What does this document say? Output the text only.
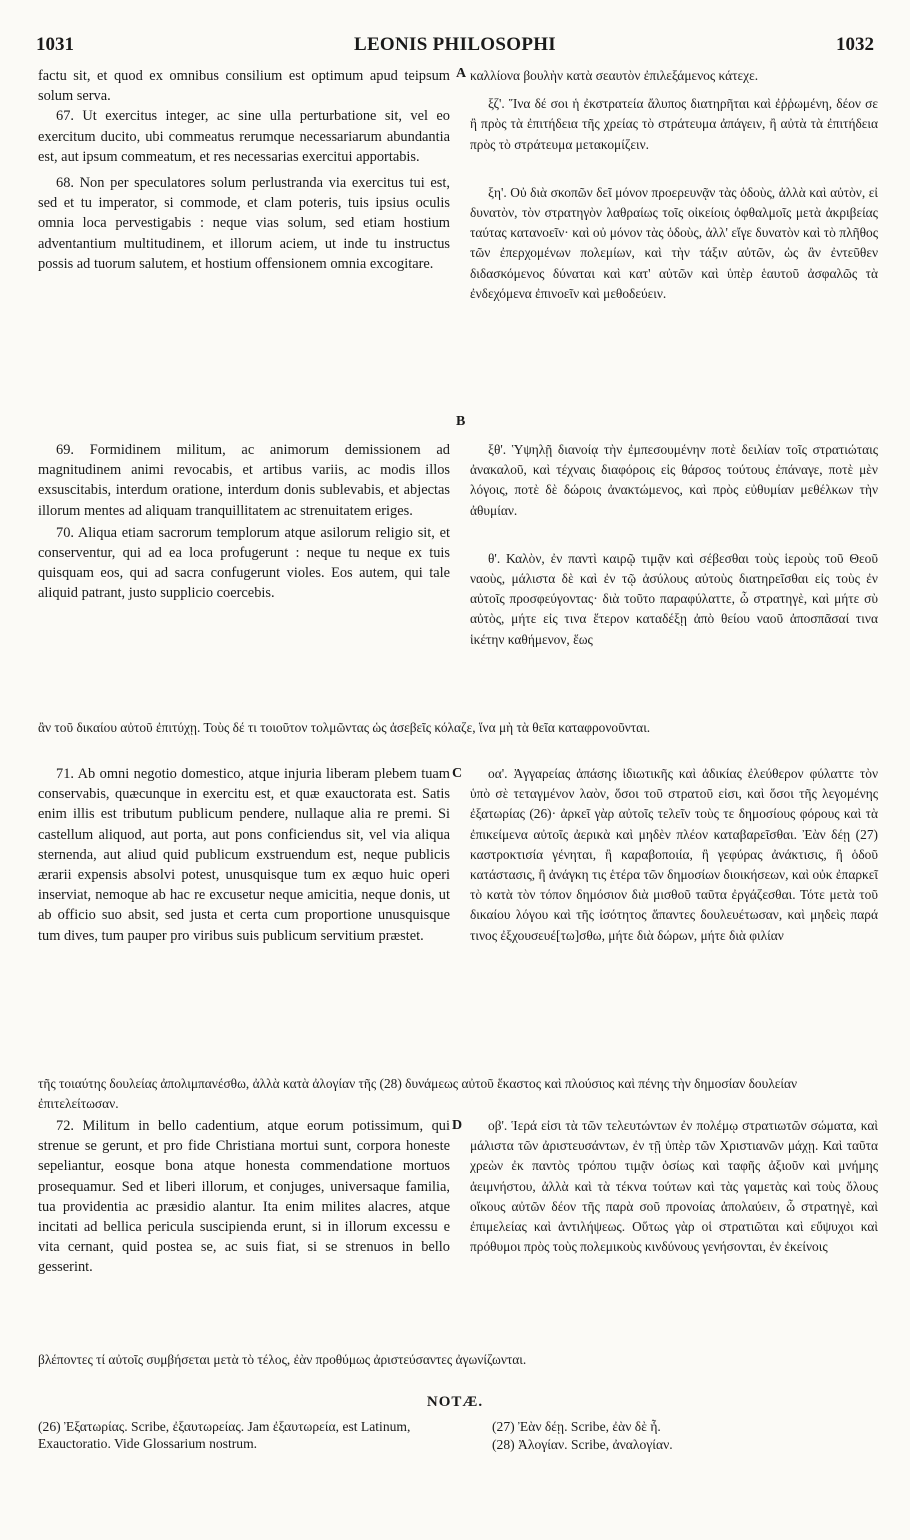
1031	LEONIS PHILOSOPHI	1032

factu sit, et quod ex omnibus consilium est optimum apud teipsum solum serva.

67. Ut exercitus integer, ac sine ulla perturbatione sit, vel eo exercitum ducito, ubi commeatus rerumque necessariarum abundantia est, aut ipsum commeatum, et res necessarias exercitui apportabis.

68. Non per speculatores solum perlustranda via exercitus tui est, sed et tu imperator, si commode, et clam poteris, tuis ipsius oculis omnia loca pervestigabis : neque vias solum, sed etiam hostium adventantium multitudinem, et illorum aciem, ut inde tu instructus possis ad tuorum salutem, et hostium offensionem omnia excogitare.

καλλίονα βουλὴν κατὰ σεαυτὸν ἐπιλεξάμενος κάτεχε.

ξζ'. Ἵνα δέ σοι ἡ ἐκστρατεία ἄλυπος διατηρῆται καὶ ἐῤῥωμένη, δέον σε ἢ πρὸς τὰ ἐπιτήδεια τῆς χρείας τὸ στράτευμα ἀπάγειν, ἢ αὐτὰ τὰ ἐπιτήδεια πρὸς τὸ στράτευμα μετακομίζειν.

ξη'. Οὐ διὰ σκοπῶν δεῖ μόνον προερευνᾷν τὰς ὁδοὺς, ἀλλὰ καὶ αὐτὸν, εἰ δυνατὸν, τὸν στρατηγὸν λαθραίως τοῖς οἰκείοις ὀφθαλμοῖς μετὰ ἀκριβείας ταύτας κατανοεῖν· καὶ οὐ μόνον τὰς ὁδοὺς, ἀλλ' εἴγε δυνατὸν καὶ τὸ πλῆθος τῶν ἐπερχομένων πολεμίων, καὶ τὴν τάξιν αὐτῶν, ὡς ἂν ἐντεῦθεν διδασκόμενος δύναται καὶ κατ' αὐτῶν καὶ ὑπὲρ ἑαυτοῦ ἀσφαλῶς τὰ ἐνδεχόμενα ἐπινοεῖν καὶ μεθοδεύειν.

A
B

69. Formidinem militum, ac animorum demissionem ad magnitudinem animi revocabis, et artibus variis, ac modis illos exsuscitabis, interdum oratione, interdum donis sublevabis, et abjectas illorum mentes ad aliquam tranquillitatem ac strenuitatem eriges.

70. Aliqua etiam sacrorum templorum atque asilorum religio sit, et conserventur, qui ad ea loca profugerunt : neque tu neque ex tuis quisquam eos, qui ad sacra confugerunt violes. Eos autem, qui tale aliquid patrant, justo supplicio coercebis.

ξθ'. Ὑψηλῇ διανοίᾳ τὴν ἐμπεσουμένην ποτὲ δειλίαν τοῖς στρατιώταις ἀνακαλοῦ, καὶ τέχναις διαφόροις εἰς θάρσος τούτους ἐπάναγε, ποτὲ μὲν λόγοις, ποτὲ δὲ δώροις ἀνακτώμενος, καὶ πρὸς εὐθυμίαν μεθέλκων τὴν ἀθυμίαν.

θ'. Καλὸν, ἐν παντὶ καιρῷ τιμᾷν καὶ σέβεσθαι τοὺς ἱεροὺς τοῦ Θεοῦ ναοὺς, μάλιστα δὲ καὶ ἐν τῷ ἀσύλους αὐτοὺς διατηρεῖσθαι εἰς τοὺς ἐν αὐτοῖς προσφεύγοντας· διὰ τοῦτο παραφύλαττε, ὦ στρατηγὲ, καὶ μήτε σὺ αὐτὸς, μήτε εἰς τινα ἕτερον καταδέξῃ ἀπὸ θείου ναοῦ ἀποσπᾶσαί τινα ἱκέτην καθήμενον, ἕως

ἂν τοῦ δικαίου αὐτοῦ ἐπιτύχῃ. Τοὺς δέ τι τοιοῦτον τολμῶντας ὡς ἀσεβεῖς κόλαζε, ἵνα μὴ τὰ θεῖα καταφρονοῦνται.
C

71. Ab omni negotio domestico, atque injuria liberam plebem tuam conservabis, quæcunque in exercitu est, et quæ exauctorata est. Satis enim illis est tributum publicum pendere, nullaque alia re premi. Si castellum aliquod, aut porta, aut pons conficiendus sit, vel via aliqua sternenda, aut aliud quid publicum exstruendum est, neque publicis ærarii expensis absolvi potest, unusquisque tum ex æquo huic operi inserviat, nemoque ab hac re excusetur neque amicitia, neque donis, ut ab officio suo absit, sed justa et certa cum proportione unusquisque tum dives, tum pauper pro viribus suis publicum servitium præstet.

οα'. Ἀγγαρείας ἁπάσης ἰδιωτικῆς καὶ ἀδικίας ἐλεύθερον φύλαττε τὸν ὑπὸ σὲ τεταγμένον λαὸν, ὅσοι τοῦ στρατοῦ εἰσι, καὶ ὅσοι τῆς λεγομένης ἐξατωρίας (26)· ἀρκεῖ γὰρ αὐτοῖς τελεῖν τοὺς τε δημοσίους φόρους καὶ τὰ ἐπικείμενα αὐτοῖς ἀερικὰ καὶ μηδὲν πλέον καταβαρεῖσθαι. Ἐὰν δέῃ (27) καστροκτισία γένηται, ἢ καραβοποιία, ἢ γεφύρας ἀνάκτισις, ἢ ὁδοῦ κατάστασις, ἢ ἀνάγκη τις ἑτέρα τῶν δημοσίων διοικήσεων, καὶ οὐκ ἐπαρκεῖ τὸ κατὰ τὸν τόπον δημόσιον διὰ μισθοῦ ταῦτα ἐργάζεσθαι. Τότε μετὰ τοῦ δικαίου λόγου καὶ τῆς ἰσότητος ἅπαντες δουλευέτωσαν, καὶ μηδεὶς παρά τινος ἐξχουσευέ[τω]σθω, μήτε διὰ δώρων, μήτε διὰ φιλίαν

τῆς τοιαύτης δουλείας ἀπολιμπανέσθω, ἀλλὰ κατὰ ἀλογίαν τῆς (28) δυνάμεως αὐτοῦ ἕκαστος καὶ πλούσιος καὶ πένης τὴν δημοσίαν δουλείαν ἐπιτελείτωσαν.
D

72. Militum in bello cadentium, atque eorum potissimum, qui strenue se gerunt, et pro fide Christiana mortui sunt, corpora honeste sepeliantur, eosque bona atque honesta commendatione mortuos prosequamur. Sed et liberi illorum, et conjuges, universaque familia, tua providentia ac præsidio alantur. Ita enim milites alacres, atque incitati ad bellica pericula suscipienda erunt, si in illorum excessu e vita cernant, quid postea se, ac suis fiat, si se strenuos in bello gesserint.

οβ'. Ἱερά εἰσι τὰ τῶν τελευτώντων ἐν πολέμῳ στρατιωτῶν σώματα, καὶ μάλιστα τῶν ἀριστευσάντων, ἐν τῇ ὑπὲρ τῶν Χριστιανῶν μάχῃ. Καὶ ταῦτα χρεὼν ἐκ παντὸς τρόπου τιμᾷν ὁσίως καὶ ταφῆς ἀξιοῦν καὶ μνήμης ἀειμνήστου, ἀλλὰ καὶ τὰ τέκνα τούτων καὶ τὰς γαμετὰς καὶ τοὺς ὅλους οἴκους αὐτῶν δέον τῆς παρὰ σοῦ προνοίας ἀπολαύειν, ὦ στρατηγὲ, καὶ ἐπιμελείας καὶ ἀντιλήψεως. Οὕτως γὰρ οἱ στρατιῶται καὶ εὔψυχοι καὶ πρόθυμοι πρὸς τοὺς πολεμικοὺς κινδύνους γενήσονται, ἐν ἐκείνοις

βλέποντες τί αὐτοῖς συμβήσεται μετὰ τὸ τέλος, ἐὰν προθύμως ἀριστεύσαντες ἀγωνίζωνται.
NOTÆ.
(26) Ἐξατωρίας. Scribe, ἐξαυτωρείας. Jam ἐξαυτωρεία, est Latinum, Exauctoratio. Vide Glossarium nostrum.
(27) Ἐὰν δέῃ. Scribe, ἐὰν δὲ ἦ.
(28) Ἀλογίαν. Scribe, ἀναλογίαν.
